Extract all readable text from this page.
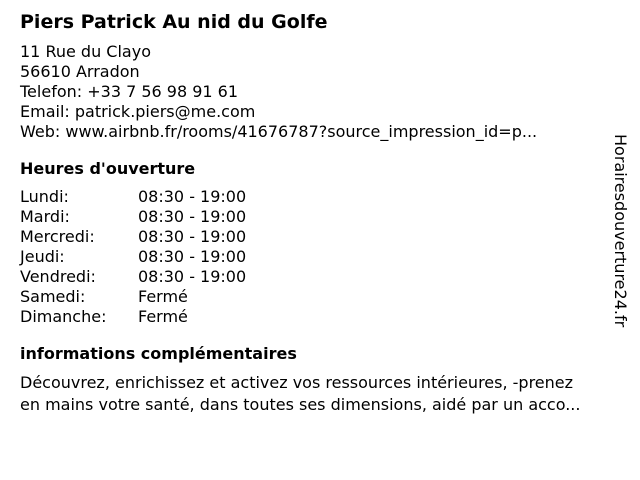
Piers Patrick Au nid du Golfe
11 Rue du Clayo
56610 Arradon
Telefon: +33 7 56 98 91 61
Email: patrick.piers@me.com
Web: www.airbnb.fr/rooms/41676787?source_impression_id=p...
Heures d'ouverture
Lundi:	08:30 - 19:00
Mardi:	08:30 - 19:00
Mercredi:	08:30 - 19:00
Jeudi:	08:30 - 19:00
Vendredi:	08:30 - 19:00
Samedi:	Fermé
Dimanche:	Fermé
informations complémentaires
Découvrez, enrichissez et activez vos ressources intérieures, -prenez
en mains votre santé, dans toutes ses dimensions, aidé par un acco...
Horairesdouverture24.fr
